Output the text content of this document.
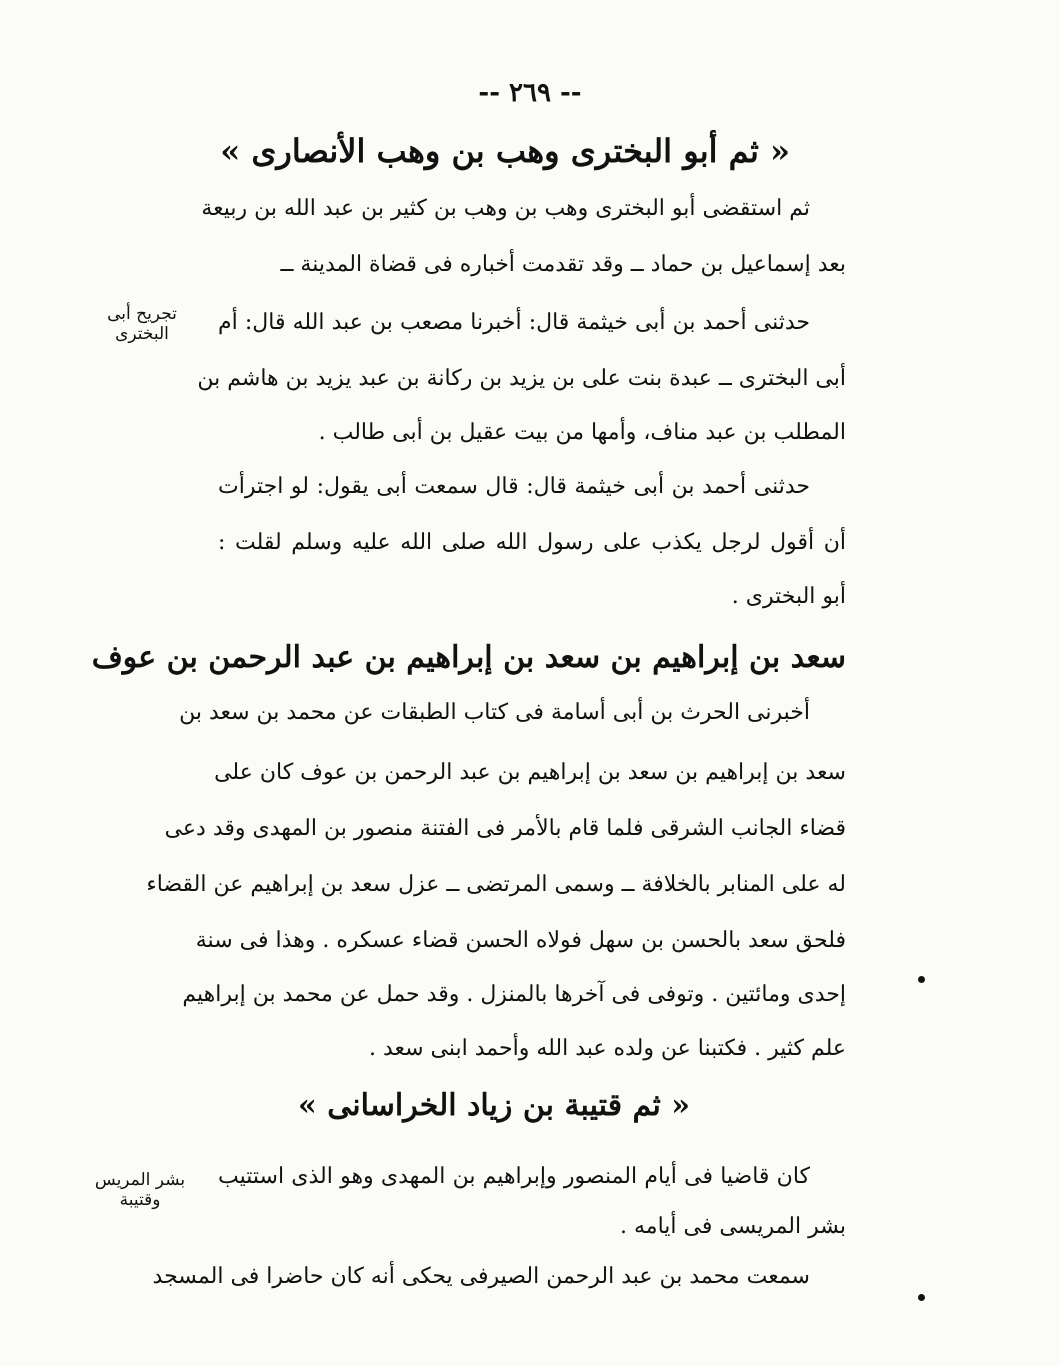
-- ٢٦٩ --
« ثم أبو البخترى وهب بن وهب الأنصارى »
ثم استقضى أبو البخترى وهب بن وهب بن كثير بن عبد الله بن ربيعة
بعد إسماعيل بن حماد ــ وقد تقدمت أخباره فى قضاة المدينة ــ
حدثنى أحمد بن أبى خيثمة قال: أخبرنا مصعب بن عبد الله قال: أم
أبى البخترى ــ عبدة بنت على بن يزيد بن ركانة بن عبد يزيد بن هاشم بن
المطلب بن عبد مناف، وأمها من بيت عقيل بن أبى طالب .
حدثنى أحمد بن أبى خيثمة قال: قال سمعت أبى يقول: لو اجترأت
أن أقول لرجل يكذب على رسول الله صلى الله عليه وسلم لقلت :
أبو البخترى .
سعد بن إبراهيم بن سعد بن إبراهيم بن عبد الرحمن بن عوف
أخبرنى الحرث بن أبى أسامة فى كتاب الطبقات عن محمد بن سعد بن
سعد بن إبراهيم بن سعد بن إبراهيم بن عبد الرحمن بن عوف كان على
قضاء الجانب الشرقى فلما قام بالأمر فى الفتنة منصور بن المهدى وقد دعى
له على المنابر بالخلافة ــ وسمى المرتضى ــ عزل سعد بن إبراهيم عن القضاء
فلحق سعد بالحسن بن سهل فولاه الحسن قضاء عسكره . وهذا فى سنة
إحدى ومائتين . وتوفى فى آخرها بالمنزل . وقد حمل عن محمد بن إبراهيم
علم كثير . فكتبنا عن ولده عبد الله وأحمد ابنى سعد .
« ثم قتيبة بن زياد الخراسانى »
كان قاضيا فى أيام المنصور وإبراهيم بن المهدى وهو الذى استتيب
بشر المريسى فى أيامه .
سمعت محمد بن عبد الرحمن الصيرفى يحكى أنه كان حاضرا فى المسجد
تجريح أبى البخترى
بشر المريس وقتيبة
